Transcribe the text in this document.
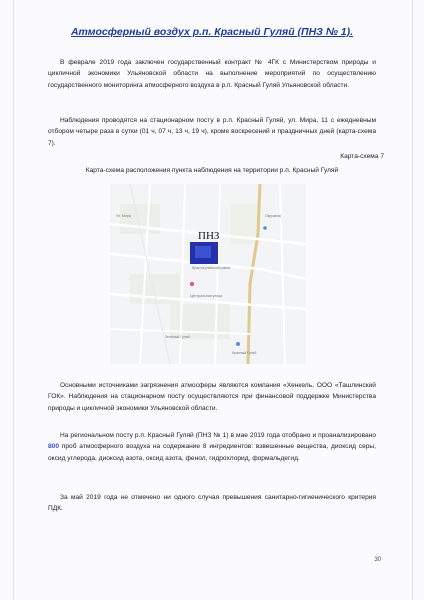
Атмосферный воздух р.п. Красный Гуляй (ПНЗ № 1).

В феврале 2019 года заключен государственный контракт № 4ГК с Министерством природы и цикличной экономики Ульяновской области на выполнение мероприятий по осуществлению государственного мониторинга атмосферного воздуха в р.п. Красный Гуляй Ульяновской области.

Наблюдения проводятся на стационарном посту в р.п. Красный Гуляй, ул. Мира, 11 с ежедневным отбором четыре раза в сутки (01 ч, 07 ч, 13 ч, 19 ч), кроме воскресений и праздничных дней (карта-схема 7).

Карта-схема 7
Карта-схема расположения пункта наблюдения на территории р.п. Красный Гуляй
ПНЗ
Красногулайский район
Центральная улица
Зелёный Гуляй
Красный Гуляй
Ул. Мира	Окружная

Основными источниками загрязнения атмосферы являются компания «Хенкель, ООО «Ташлинский ГОК». Наблюдения на стационарном посту осуществляются при финансовой поддержке Министерства природы и цикличной экономики Ульяновской области.

На региональном посту р.п. Красный Гуляй (ПНЗ № 1) в мае 2019 года отобрано и проанализировано 800 проб атмосферного воздуха на содержание 8 ингредиентов: взвешенные вещества, диоксид серы, оксид углерода, диоксид азота, оксид азота, фенол, гидрохлорид, формальдегид.

За май 2019 года не отмечено ни одного случая превышения санитарно-гигиенического критерия ПДК.

30
